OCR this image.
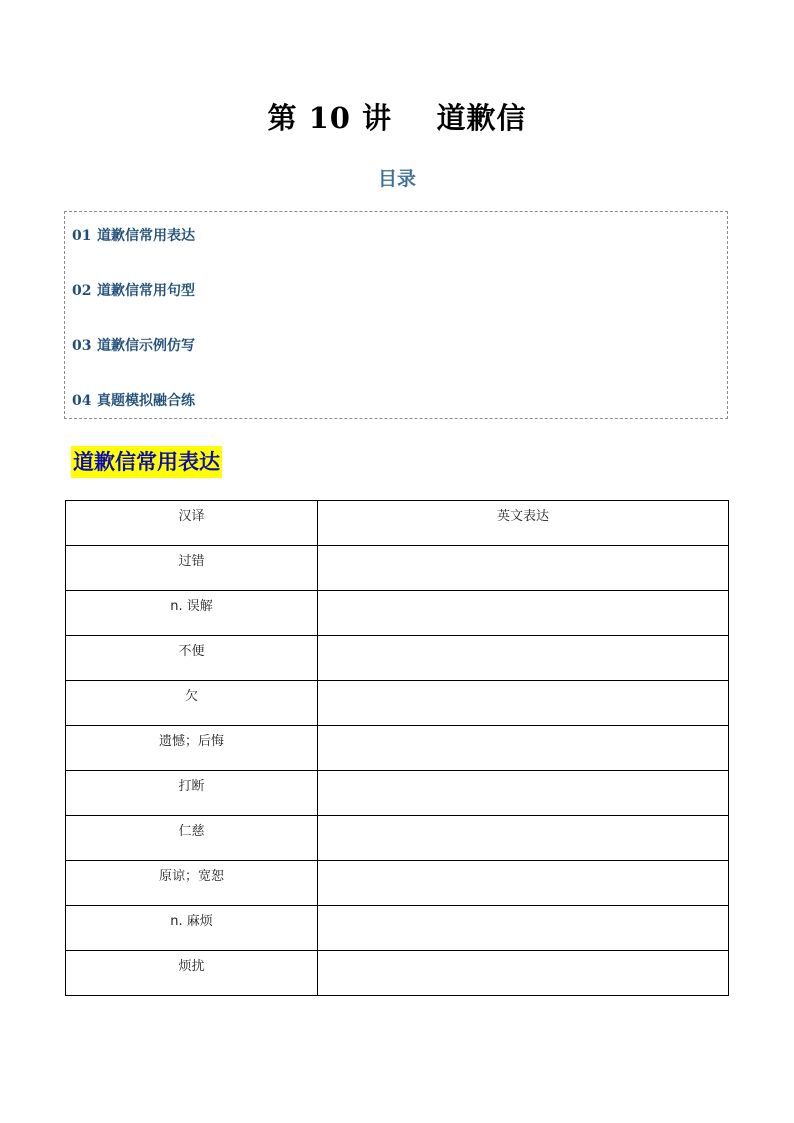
第 10 讲    道歉信
目录
01 道歉信常用表达
02 道歉信常用句型
03 道歉信示例仿写
04 真题模拟融合练
道歉信常用表达
汉译	英文表达

过错	

n. 误解	

不便	

欠	

遗憾；后悔	

打断	

仁慈	

原谅；宽恕	

n. 麻烦	

烦扰	
